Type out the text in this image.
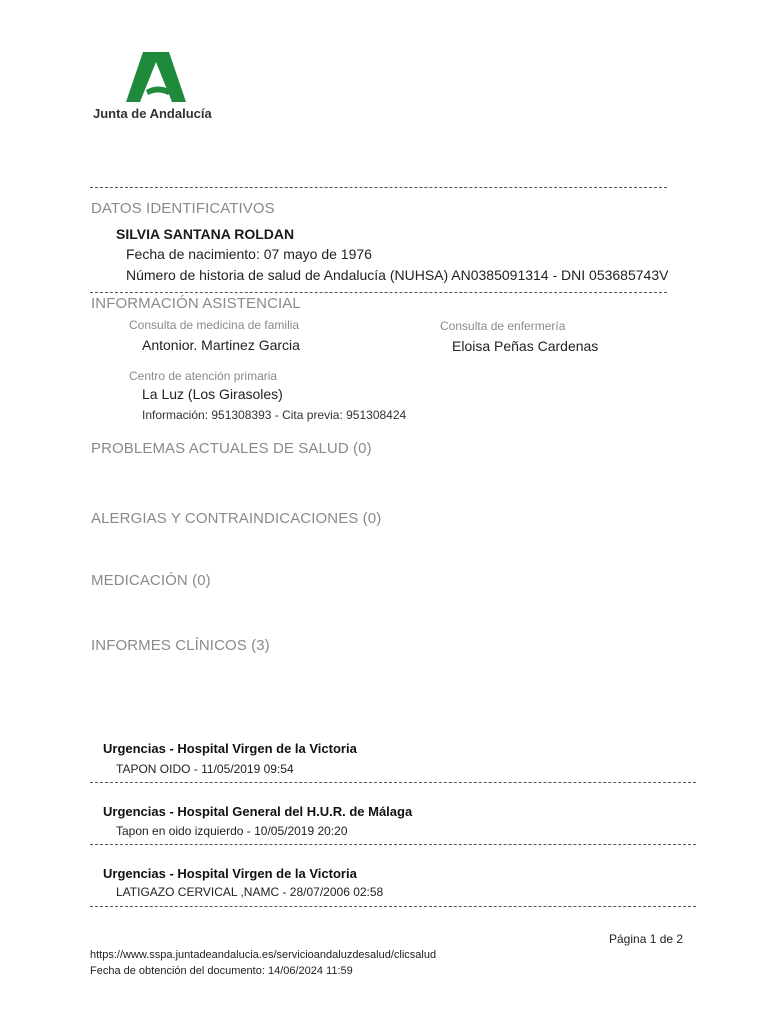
Junta de Andalucía
DATOS IDENTIFICATIVOS
SILVIA SANTANA ROLDAN
Fecha de nacimiento: 07 mayo de 1976
Número de historia de salud de Andalucía (NUHSA) AN0385091314 - DNI 053685743V
INFORMACIÓN ASISTENCIAL
Consulta de medicina de familia
Antonior. Martinez Garcia
Consulta de enfermería
Eloisa Peñas Cardenas
Centro de atención primaria
La Luz (Los Girasoles)
Información: 951308393 - Cita previa: 951308424
PROBLEMAS ACTUALES DE SALUD (0)
ALERGIAS Y CONTRAINDICACIONES (0)
MEDICACIÓN (0)
INFORMES CLÍNICOS (3)
Urgencias - Hospital Virgen de la Victoria
TAPON OIDO - 11/05/2019 09:54
Urgencias - Hospital General del H.U.R. de Málaga
Tapon en oido izquierdo - 10/05/2019 20:20
Urgencias - Hospital Virgen de la Victoria
LATIGAZO CERVICAL ,NAMC - 28/07/2006 02:58
Página 1 de 2
https://www.sspa.juntadeandalucia.es/servicioandaluzdesalud/clicsalud
Fecha de obtención del documento: 14/06/2024 11:59
